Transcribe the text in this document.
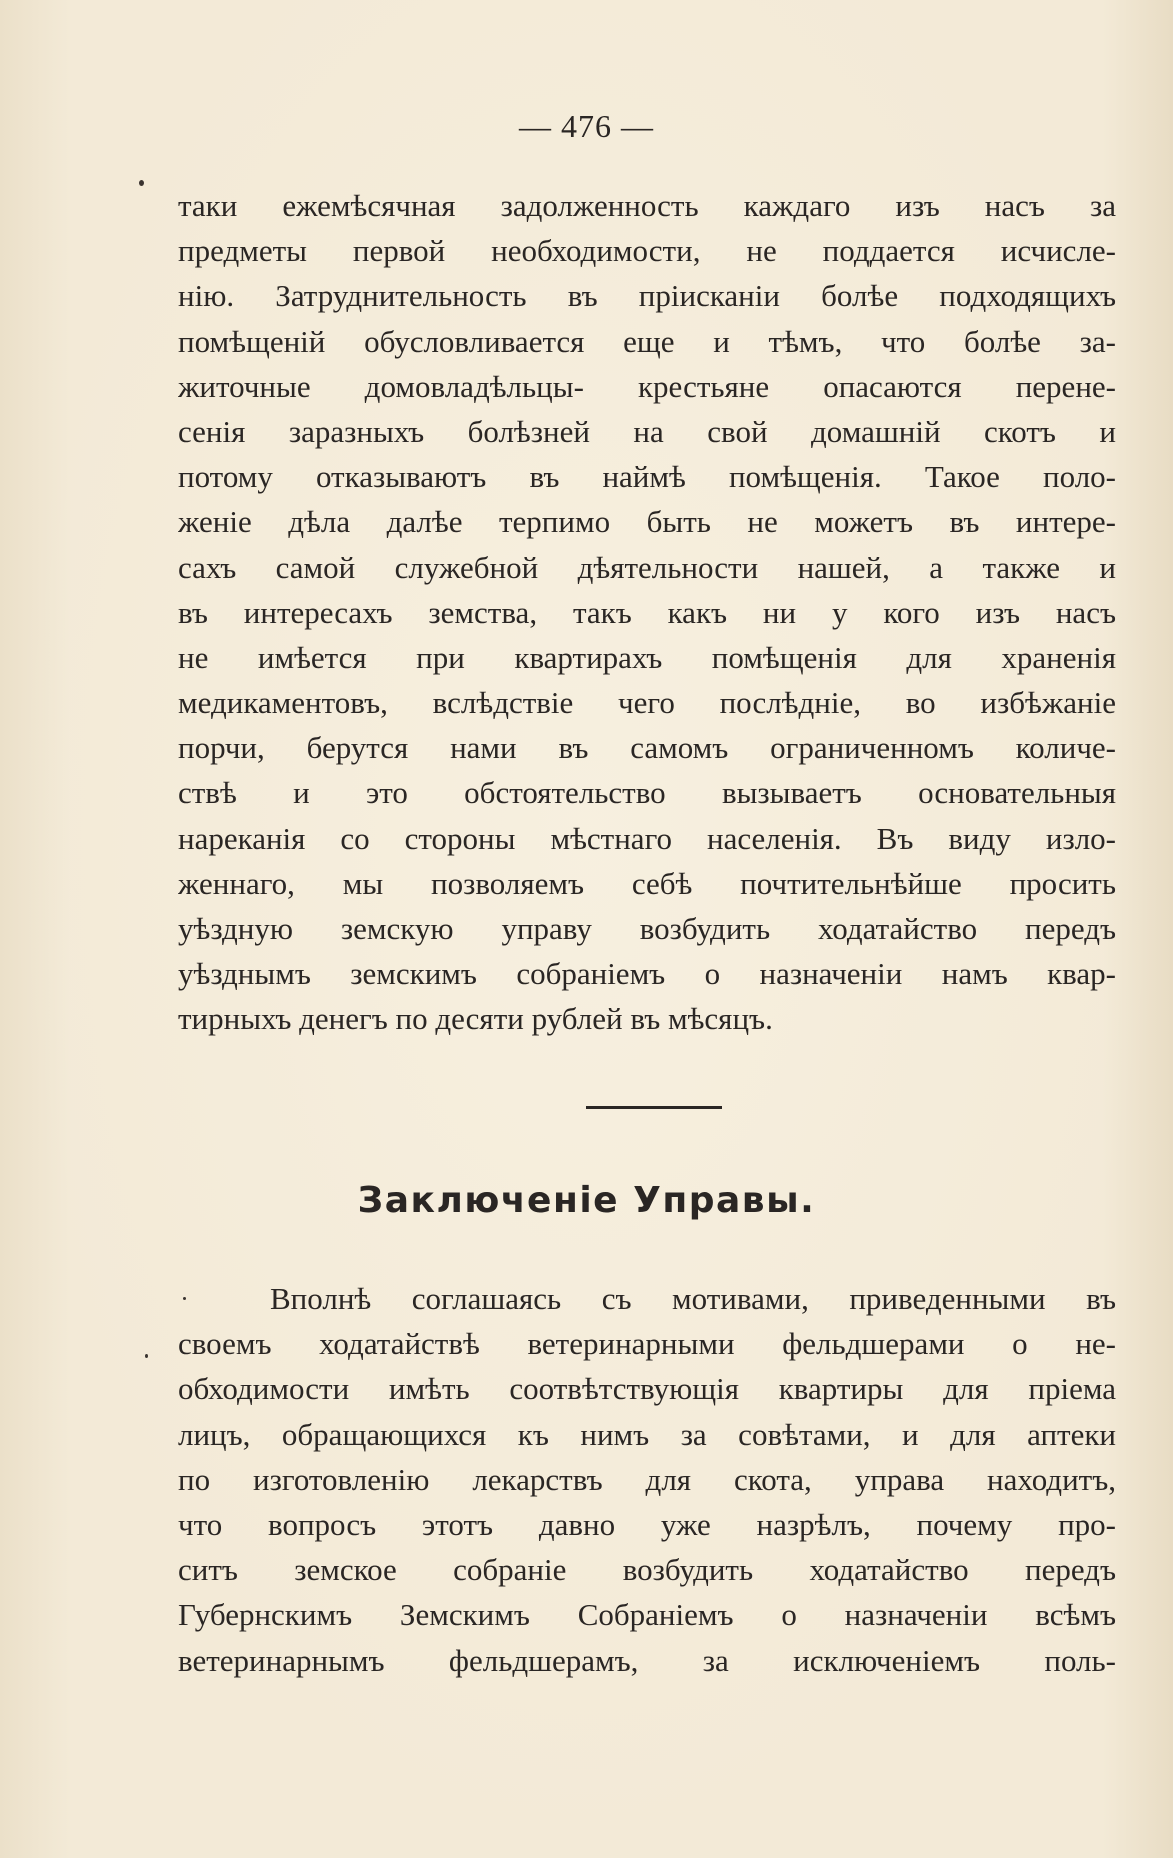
— 476 —
таки ежемѣсячная задолженность каждаго изъ насъ за
предметы первой необходимости, не поддается исчисле-
нію. Затруднительность въ пріисканіи болѣе подходящихъ
помѣщеній обусловливается еще и тѣмъ, что болѣе за-
житочные домовладѣльцы- крестьяне опасаются перене-
сенія заразныхъ болѣзней на свой домашній скотъ и
потому отказываютъ въ наймѣ помѣщенія. Такое поло-
женіе дѣла далѣе терпимо быть не можетъ въ интере-
сахъ самой служебной дѣятельности нашей, а также и
въ интересахъ земства, такъ какъ ни у кого изъ насъ
не имѣется при квартирахъ помѣщенія для храненія
медикаментовъ, вслѣдствіе чего послѣдніе, во избѣжаніе
порчи, берутся нами въ самомъ ограниченномъ количе-
ствѣ и это обстоятельство вызываетъ основательныя
нареканія со стороны мѣстнаго населенія. Въ виду изло-
женнаго, мы позволяемъ себѣ почтительнѣйше просить
уѣздную земскую управу возбудить ходатайство передъ
уѣзднымъ земскимъ собраніемъ о назначеніи намъ квар-
тирныхъ денегъ по десяти рублей въ мѣсяцъ.
Заключеніе Управы.
Вполнѣ соглашаясь съ мотивами, приведенными въ
своемъ ходатайствѣ ветеринарными фельдшерами о не-
обходимости имѣть соотвѣтствующія квартиры для пріема
лицъ, обращающихся къ нимъ за совѣтами, и для аптеки
по изготовленію лекарствъ для скота, управа находитъ,
что вопросъ этотъ давно уже назрѣлъ, почему про-
ситъ земское собраніе возбудить ходатайство передъ
Губернскимъ Земскимъ Собраніемъ о назначеніи всѣмъ
ветеринарнымъ фельдшерамъ, за исключеніемъ поль-
